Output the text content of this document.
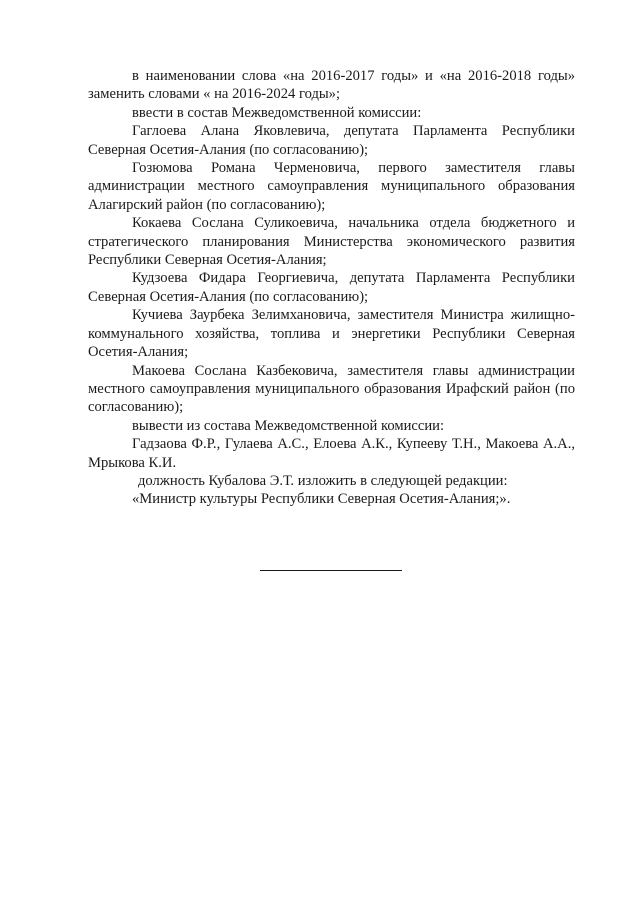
в наименовании слова «на 2016-2017 годы» и «на 2016-2018 годы» заменить словами « на 2016-2024 годы»;

ввести в состав Межведомственной комиссии:

Гаглоева Алана Яковлевича, депутата Парламента Республики Северная Осетия-Алания (по согласованию);

Гозюмова Романа Черменовича, первого заместителя главы администрации местного самоуправления муниципального образования Алагирский район (по согласованию);

Кокаева Сослана Суликоевича, начальника отдела бюджетного и стратегического планирования Министерства экономического развития Республики Северная Осетия-Алания;

Кудзоева Фидара Георгиевича, депутата Парламента Республики Северная Осетия-Алания (по согласованию);

Кучиева Заурбека Зелимхановича, заместителя Министра жилищно-коммунального хозяйства, топлива и энергетики Республики Северная Осетия-Алания;

Макоева Сослана Казбековича, заместителя главы администрации местного самоуправления муниципального образования Ирафский район (по согласованию);

вывести из состава Межведомственной комиссии:

Гадзаова Ф.Р., Гулаева А.С., Елоева А.К., Купееву Т.Н., Макоева А.А., Мрыкова К.И.

должность Кубалова Э.Т. изложить в следующей редакции:

«Министр культуры Республики Северная Осетия-Алания;».
